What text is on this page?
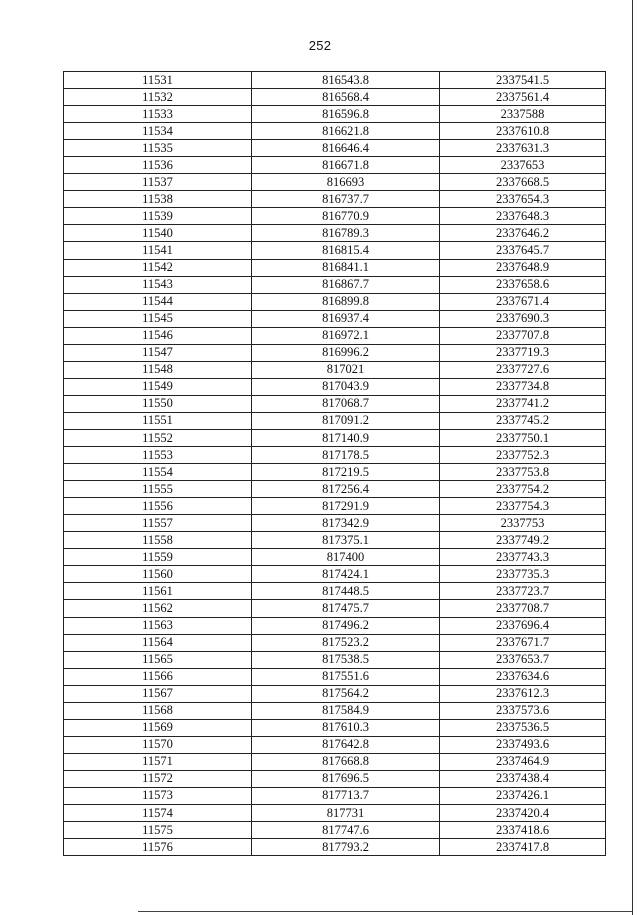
252
11531	816543.8	2337541.5
11532	816568.4	2337561.4
11533	816596.8	2337588
11534	816621.8	2337610.8
11535	816646.4	2337631.3
11536	816671.8	2337653
11537	816693	2337668.5
11538	816737.7	2337654.3
11539	816770.9	2337648.3
11540	816789.3	2337646.2
11541	816815.4	2337645.7
11542	816841.1	2337648.9
11543	816867.7	2337658.6
11544	816899.8	2337671.4
11545	816937.4	2337690.3
11546	816972.1	2337707.8
11547	816996.2	2337719.3
11548	817021	2337727.6
11549	817043.9	2337734.8
11550	817068.7	2337741.2
11551	817091.2	2337745.2
11552	817140.9	2337750.1
11553	817178.5	2337752.3
11554	817219.5	2337753.8
11555	817256.4	2337754.2
11556	817291.9	2337754.3
11557	817342.9	2337753
11558	817375.1	2337749.2
11559	817400	2337743.3
11560	817424.1	2337735.3
11561	817448.5	2337723.7
11562	817475.7	2337708.7
11563	817496.2	2337696.4
11564	817523.2	2337671.7
11565	817538.5	2337653.7
11566	817551.6	2337634.6
11567	817564.2	2337612.3
11568	817584.9	2337573.6
11569	817610.3	2337536.5
11570	817642.8	2337493.6
11571	817668.8	2337464.9
11572	817696.5	2337438.4
11573	817713.7	2337426.1
11574	817731	2337420.4
11575	817747.6	2337418.6
11576	817793.2	2337417.8
